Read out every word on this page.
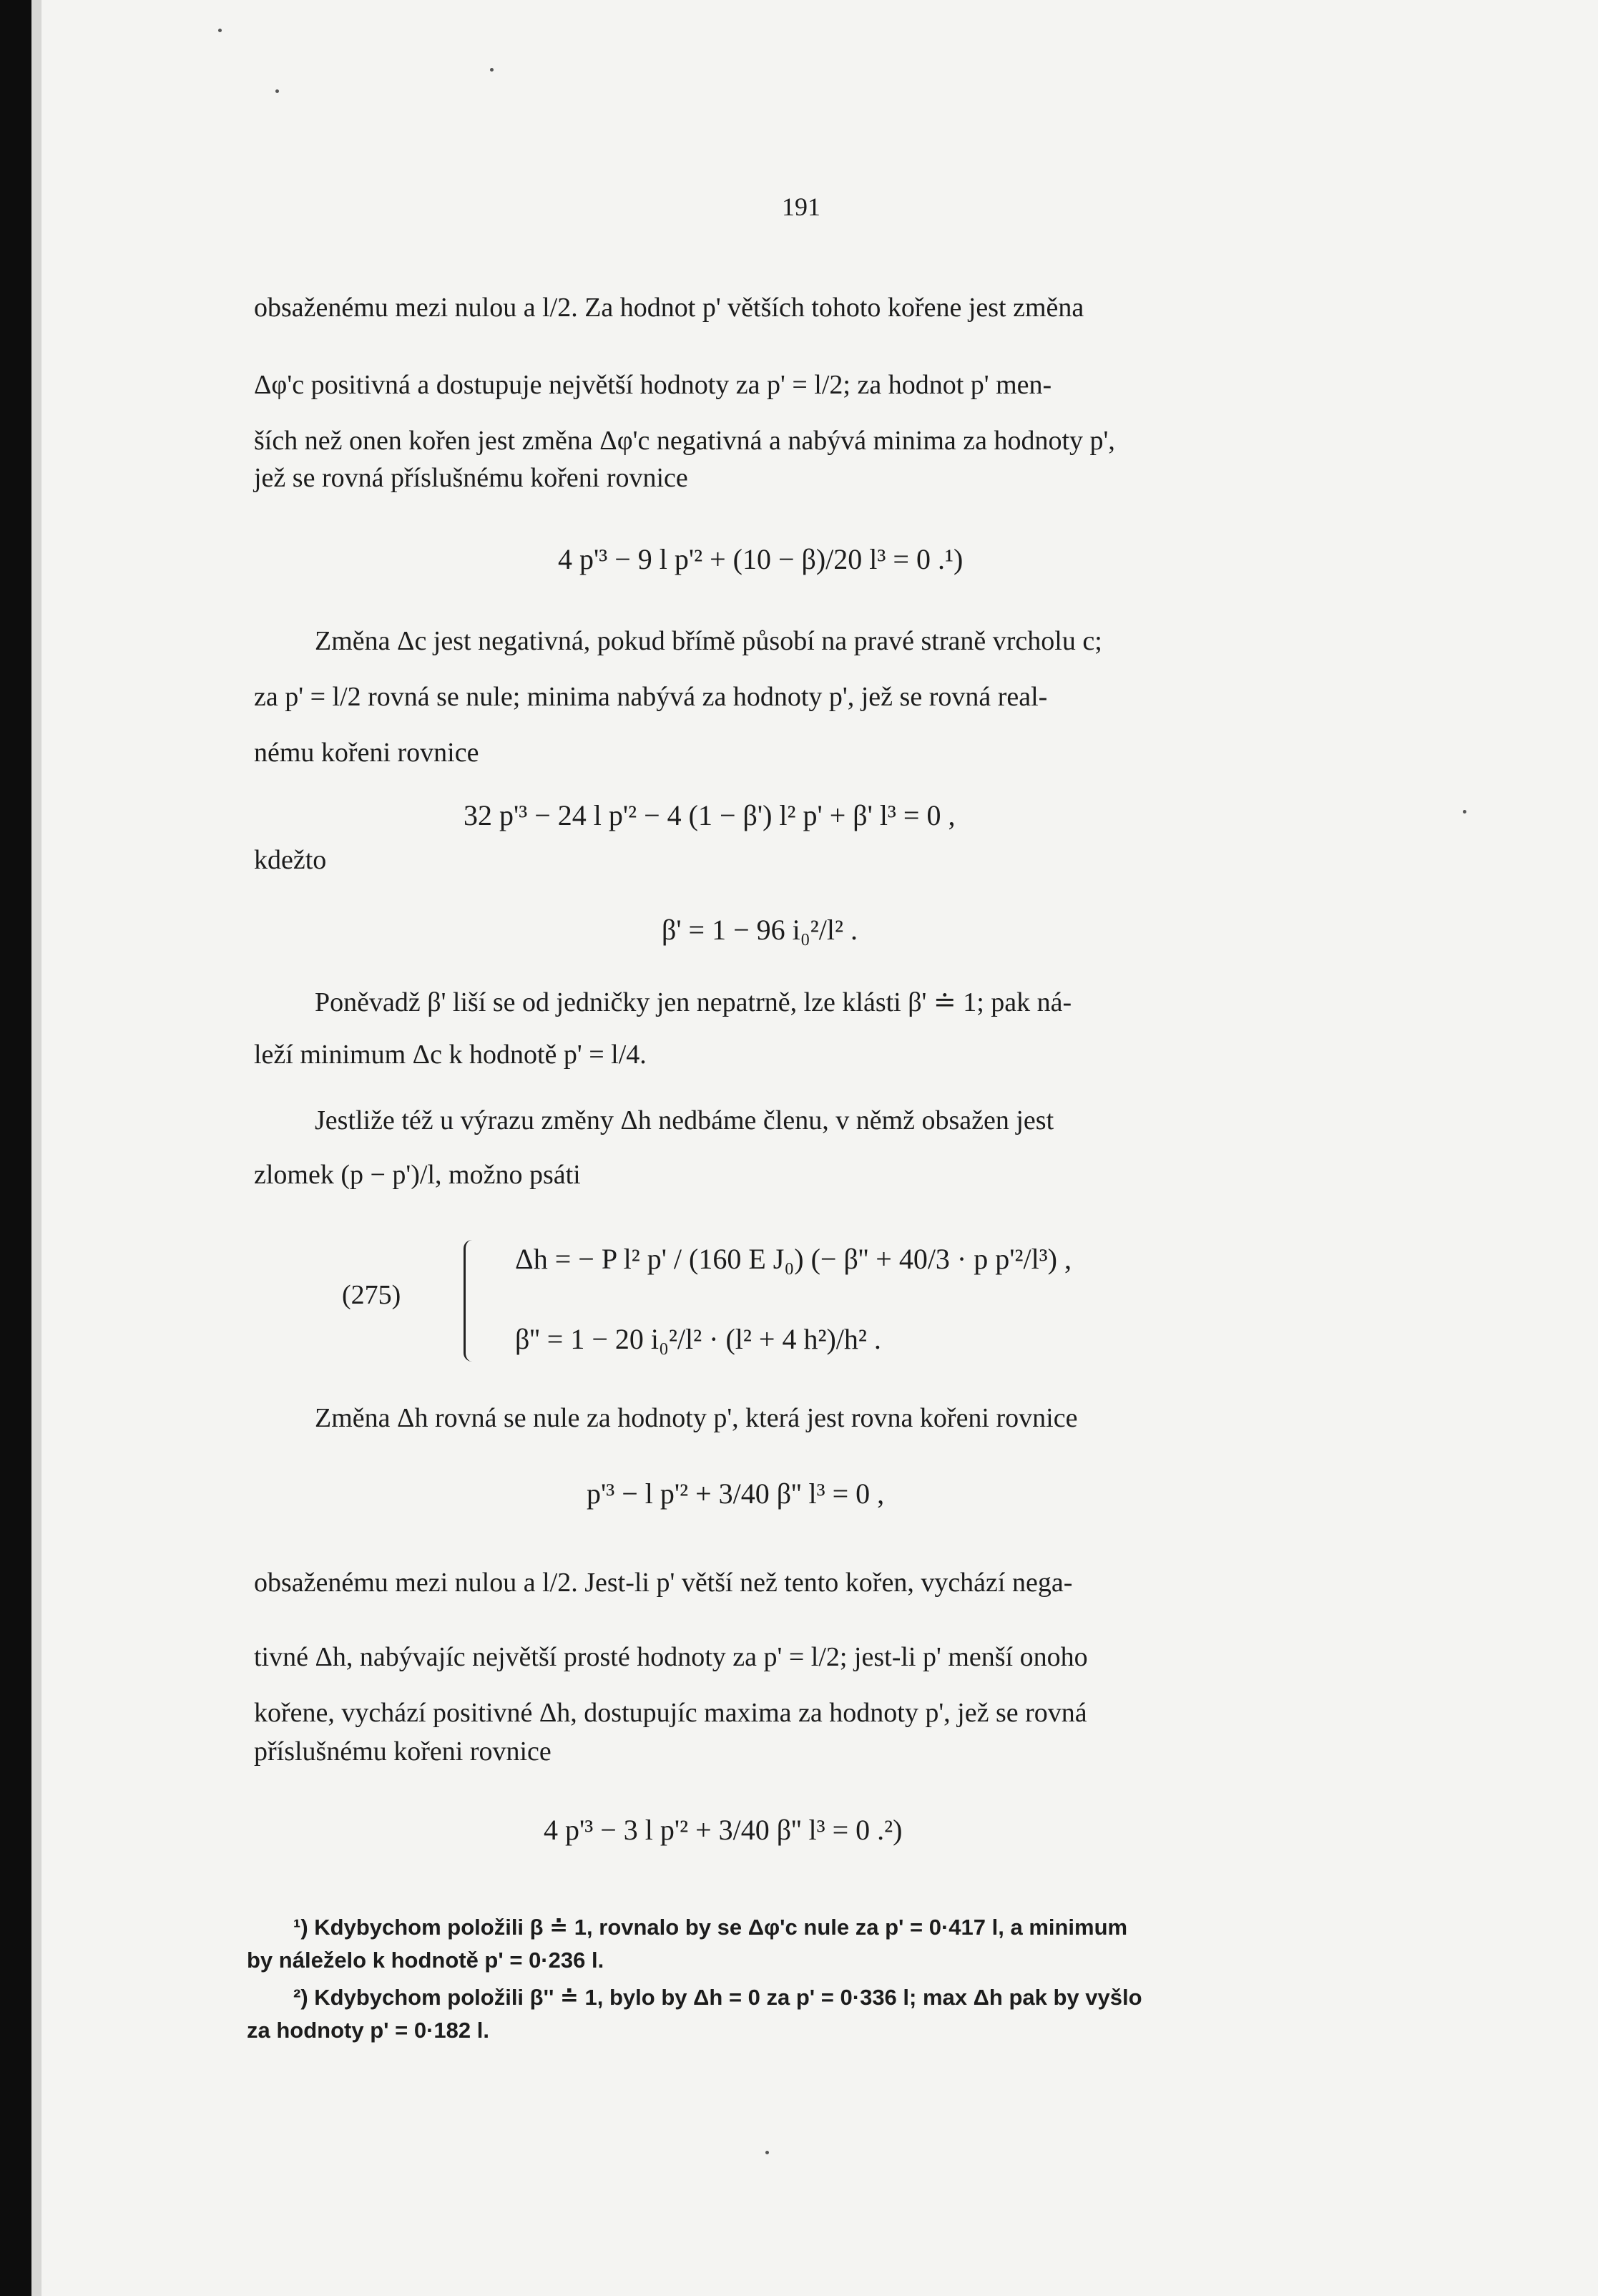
191
obsaženému mezi nulou a l/2. Za hodnot p' větších tohoto kořene jest změna
Δφ'c positivná a dostupuje největší hodnoty za p' = l/2; za hodnot p' men-
ších než onen kořen jest změna Δφ'c negativná a nabývá minima za hodnoty p',
jež se rovná příslušnému kořeni rovnice
4 p'³ − 9 l p'² + (10 − β)/20 l³ = 0 .¹)
Změna Δc jest negativná, pokud břímě působí na pravé straně vrcholu c;
za p' = l/2 rovná se nule; minima nabývá za hodnoty p', jež se rovná real-
nému kořeni rovnice
32 p'³ − 24 l p'² − 4 (1 − β') l² p' + β' l³ = 0 ,
kdežto
β' = 1 − 96 i₀²/l² .
Poněvadž β' liší se od jedničky jen nepatrně, lze klásti β' ≐ 1; pak ná-
leží minimum Δc k hodnotě p' = l/4.
Jestliže též u výrazu změny Δh nedbáme členu, v němž obsažen jest
zlomek (p − p')/l, možno psáti
(275)
Δh = − P l² p' / (160 E J₀) (− β'' + 40/3 · p p'²/l³) ,
β'' = 1 − 20 i₀²/l² · (l² + 4 h²)/h² .
Změna Δh rovná se nule za hodnoty p', která jest rovna kořeni rovnice
p'³ − l p'² + 3/40 β'' l³ = 0 ,
obsaženému mezi nulou a l/2. Jest-li p' větší než tento kořen, vychází nega-
tivné Δh, nabývajíc největší prosté hodnoty za p' = l/2; jest-li p' menší onoho
kořene, vychází positivné Δh, dostupujíc maxima za hodnoty p', jež se rovná
příslušnému kořeni rovnice
4 p'³ − 3 l p'² + 3/40 β'' l³ = 0 .²)
¹) Kdybychom položili β ≐ 1, rovnalo by se Δφ'c nule za p' = 0·417 l, a minimum
by náleželo k hodnotě p' = 0·236 l.
²) Kdybychom položili β'' ≐ 1, bylo by Δh = 0 za p' = 0·336 l; max Δh pak by vyšlo
za hodnoty p' = 0·182 l.
